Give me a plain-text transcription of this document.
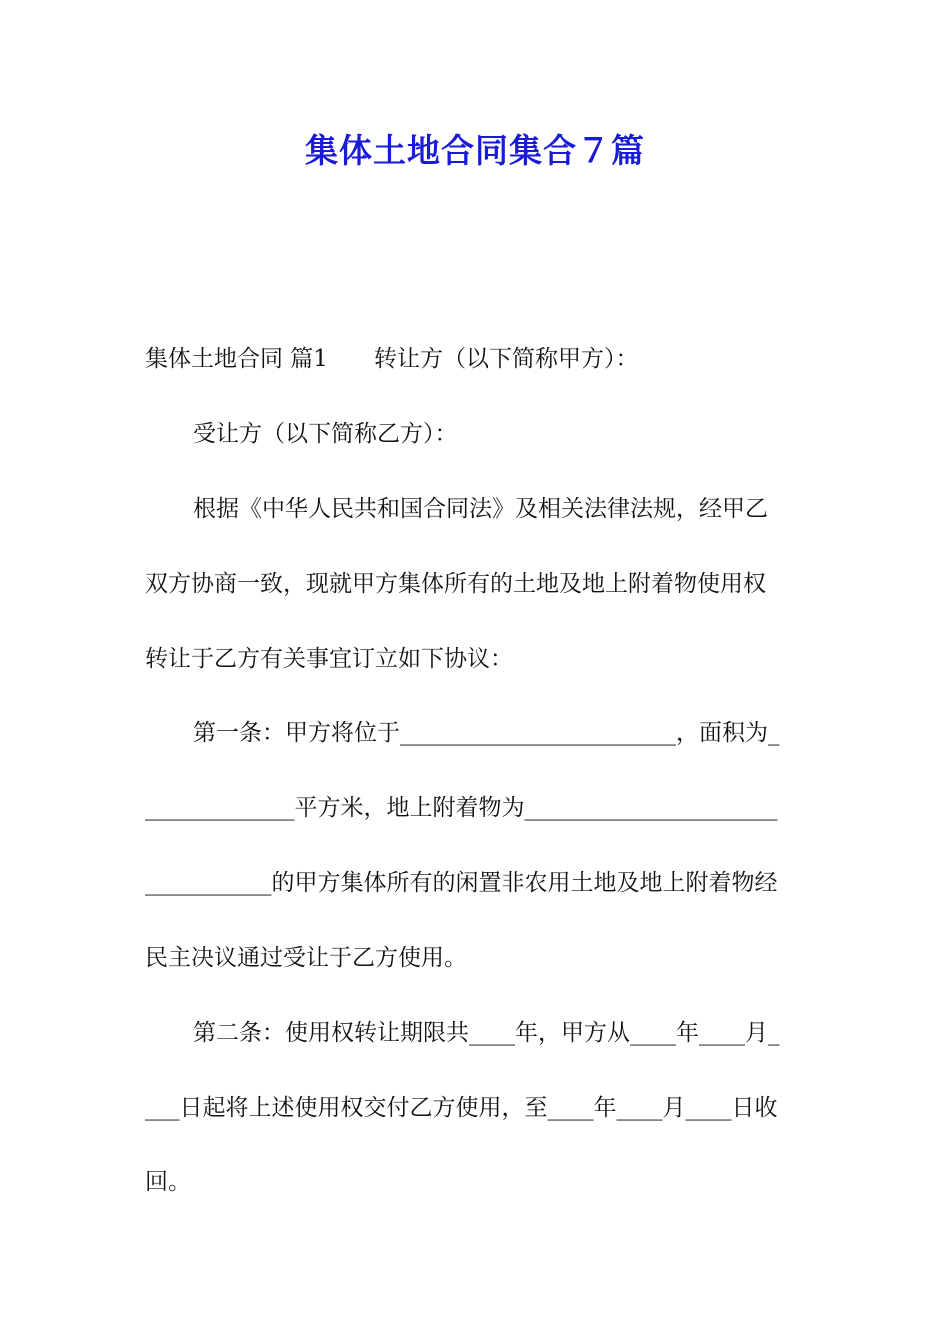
集体土地合同集合７篇

集体土地合同 篇1 转让方（以下简称甲方）：

受让方（以下简称乙方）：

根据《中华人民共和国合同法》及相关法律法规，经甲乙

双方协商一致，现就甲方集体所有的土地及地上附着物使用权

转让于乙方有关事宜订立如下协议：

第一条：甲方将位于________________________，面积为_

_____________平方米，地上附着物为______________________

___________的甲方集体所有的闲置非农用土地及地上附着物经

民主决议通过受让于乙方使用。

第二条：使用权转让期限共____年，甲方从____年____月_

___日起将上述使用权交付乙方使用，至____年____月____日收

回。
